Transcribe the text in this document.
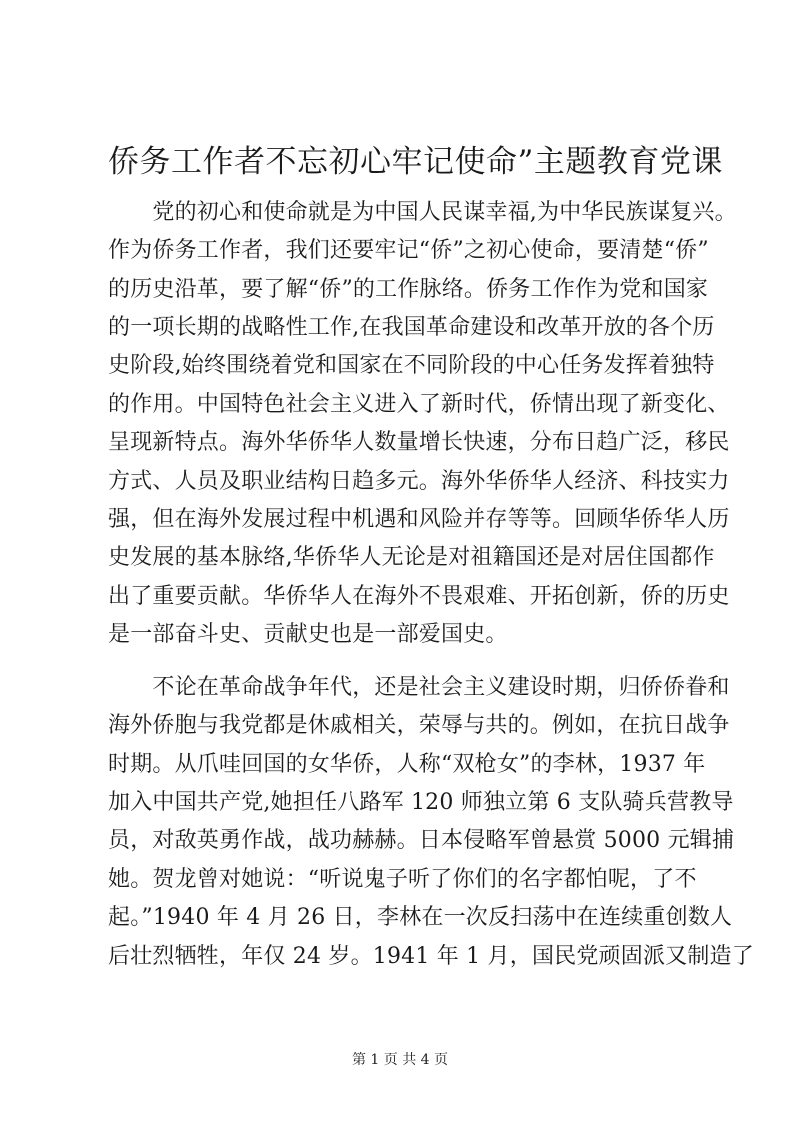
侨务工作者不忘初心牢记使命”主题教育党课
　　党的初心和使命就是为中国人民谋幸福,为中华民族谋复兴。
作为侨务工作者，我们还要牢记“侨”之初心使命，要清楚“侨”
的历史沿革，要了解“侨”的工作脉络。侨务工作作为党和国家
的一项长期的战略性工作,在我国革命建设和改革开放的各个历
史阶段,始终围绕着党和国家在不同阶段的中心任务发挥着独特
的作用。中国特色社会主义进入了新时代，侨情出现了新变化、
呈现新特点。海外华侨华人数量增长快速，分布日趋广泛，移民
方式、人员及职业结构日趋多元。海外华侨华人经济、科技实力
强，但在海外发展过程中机遇和风险并存等等。回顾华侨华人历
史发展的基本脉络,华侨华人无论是对祖籍国还是对居住国都作
出了重要贡献。华侨华人在海外不畏艰难、开拓创新，侨的历史
是一部奋斗史、贡献史也是一部爱国史。
　　不论在革命战争年代，还是社会主义建设时期，归侨侨眷和
海外侨胞与我党都是休戚相关，荣辱与共的。例如，在抗日战争
时期。从爪哇回国的女华侨，人称“双枪女”的李林，1937 年
加入中国共产党,她担任八路军 120 师独立第 6 支队骑兵营教导
员，对敌英勇作战，战功赫赫。日本侵略军曾悬赏 5000 元辑捕
她。贺龙曾对她说：“听说鬼子听了你们的名字都怕呢，了不
起。”1940 年 4 月 26 日，李林在一次反扫荡中在连续重创数人
后壮烈牺牲，年仅 24 岁。1941 年 1 月，国民党顽固派又制造了
第 1 页 共 4 页
